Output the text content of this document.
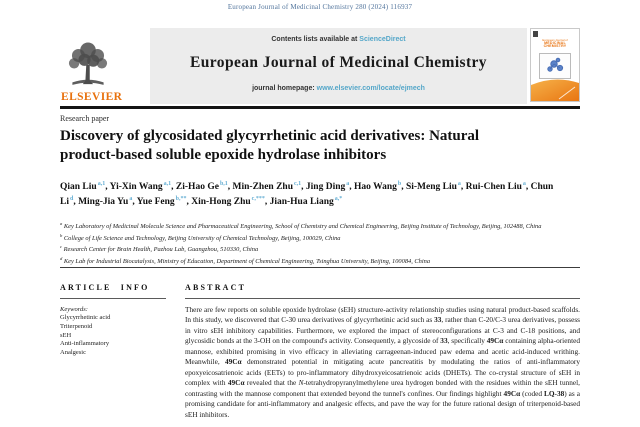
European Journal of Medicinal Chemistry 280 (2024) 116937
ELSEVIER
Contents lists available at ScienceDirect
European Journal of Medicinal Chemistry
journal homepage: www.elsevier.com/locate/ejmech
European Journal of
MEDICINAL
CHEMISTRY
Research paper
Discovery of glycosidated glycyrrhetinic acid derivatives: Natural product-based soluble epoxide hydrolase inhibitors
Qian Liu$^{a,1}$, Yi-Xin Wang$^{a,1}$, Zi-Hao Ge$^{b,1}$, Min-Zhen Zhu$^{c,1}$, Jing Ding$^a$, Hao Wang$^b$, Si-Meng Liu$^a$, Rui-Chen Liu$^a$, Chun Li$^d$, Ming-Jia Yu$^a$, Yue Feng$^{b,**}$, Xin-Hong Zhu$^{c,***}$, Jian-Hua Liang$^{a,*}$
$^a$ Key Laboratory of Medicinal Molecule Science and Pharmaceutical Engineering, School of Chemistry and Chemical Engineering, Beijing Institute of Technology, Beijing, 102488, China
$^b$ College of Life Science and Technology, Beijing University of Chemical Technology, Beijing, 100029, China
$^c$ Research Center for Brain Health, Pazhou Lab, Guangzhou, 510330, China
$^d$ Key Lab for Industrial Biocatalysis, Ministry of Education, Department of Chemical Engineering, Tsinghua University, Beijing, 100084, China
ARTICLE INFO
Keywords:
Glycyrrhetinic acid
Triterpenoid
sEH
Anti-inflammatory
Analgesic
ABSTRACT
There are few reports on soluble epoxide hydrolase (sEH) structure-activity relationship studies using natural product-based scaffolds. In this study, we discovered that C-30 urea derivatives of glycyrrhetinic acid such as 33, rather than C-20/C-3 urea derivatives, possess in vitro sEH inhibitory capabilities. Furthermore, we explored the impact of stereoconfigurations at C-3 and C-18 positions, and glycosidic bonds at the 3-OH on the compound's activity. Consequently, a glycoside of 33, specifically 49Cα containing alpha-oriented mannose, exhibited promising in vivo efficacy in alleviating carrageenan-induced paw edema and acetic acid-induced writhing. Meanwhile, 49Cα demonstrated potential in mitigating acute pancreatitis by modulating the ratios of anti-inflammatory epoxyeicosatrienoic acids (EETs) to pro-inflammatory dihydroxyeicosatrienoic acids (DHETs). The co-crystal structure of sEH in complex with 49Cα revealed that the N-tetrahydropyranylmethylene urea hydrogen bonded with the residues within the sEH tunnel, contrasting with the mannose component that extended beyond the tunnel's confines. Our findings highlight 49Cα (coded LQ-38) as a promising candidate for anti-inflammatory and analgesic effects, and pave the way for the future rational design of triterpenoid-based sEH inhibitors.
